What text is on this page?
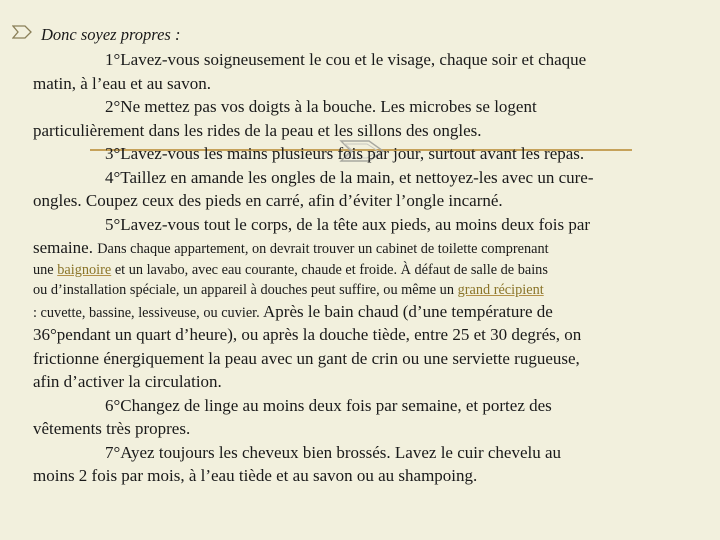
Donc soyez propres :
1°Lavez-vous soigneusement le cou et le visage, chaque soir et chaque
matin, à l’eau et au savon.
2°Ne mettez pas vos doigts à la bouche. Les microbes se logent
particulièrement dans les rides de la peau et les sillons des ongles.
3°Lavez-vous les mains plusieurs fois par jour, surtout avant les repas.
4°Taillez en amande les ongles de la main, et nettoyez-les avec un cure-
ongles. Coupez ceux des pieds en carré, afin d’éviter l’ongle incarné.
5°Lavez-vous tout le corps, de la tête aux pieds, au moins deux fois par
semaine. Dans chaque appartement, on devrait trouver un cabinet de toilette comprenant
une baignoire et un lavabo, avec eau courante, chaude et froide. À défaut de salle de bains
ou d’installation spéciale, un appareil à douches peut suffire, ou même un grand récipient
: cuvette, bassine, lessiveuse, ou cuvier. Après le bain chaud (d’une température de
36°pendant un quart d’heure), ou après la douche tiède, entre 25 et 30 degrés, on
frictionne énergiquement la peau avec un gant de crin ou une serviette rugueuse,
afin d’activer la circulation.
6°Changez de linge au moins deux fois par semaine, et portez des
vêtements très propres.
7°Ayez toujours les cheveux bien brossés. Lavez le cuir chevelu au
moins 2 fois par mois, à l’eau tiède et au savon ou au shampoing.
